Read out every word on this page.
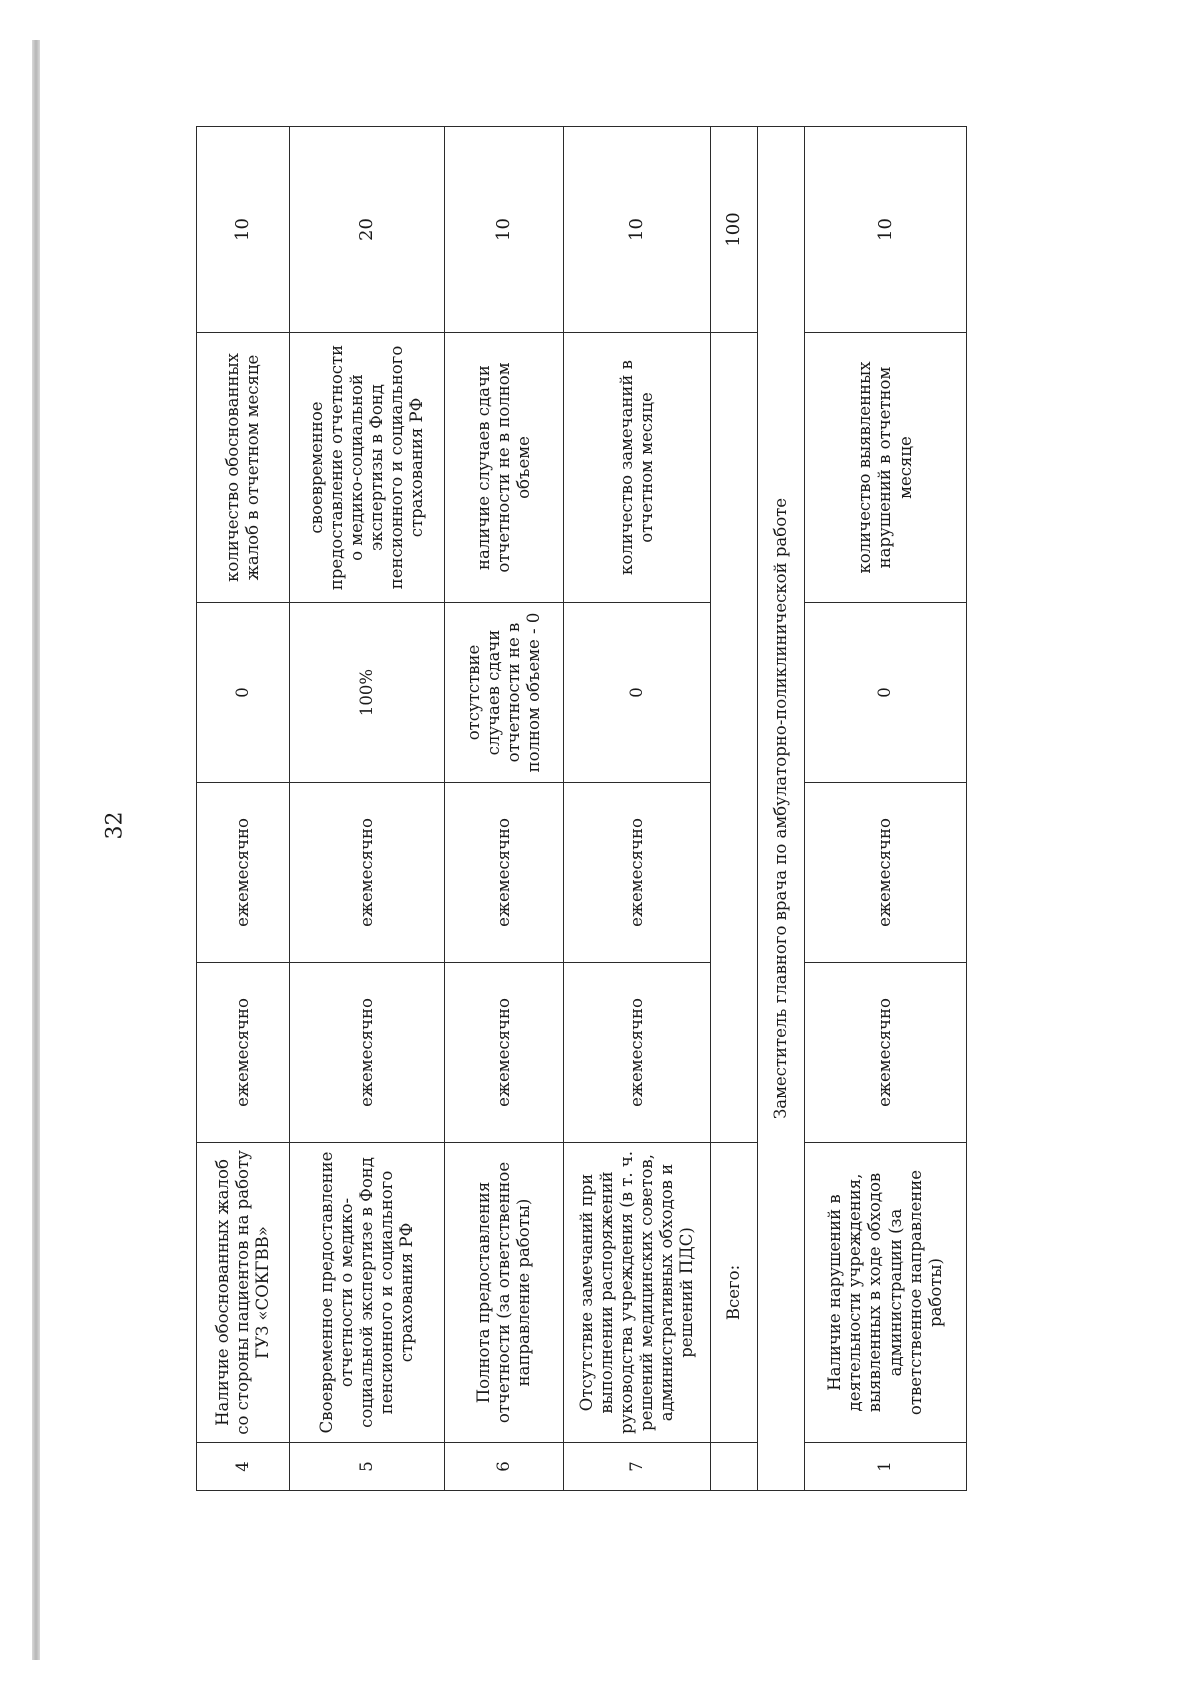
32
4	Наличие обоснованных жалоб со стороны пациентов на работу ГУЗ «СОКГВВ»	ежемесячно	ежемесячно	0	количество обоснованных жалоб в отчетном месяце	10
5	Своевременное предоставление отчетности о медико-социальной экспертизе в Фонд пенсионного и социального страхования РФ	ежемесячно	ежемесячно	100%	своевременное предоставление отчетности о медико-социальной экспертизы в Фонд пенсионного и социального страхования РФ	20
6	Полнота предоставления отчетности (за ответственное направление работы)	ежемесячно	ежемесячно	отсутствие случаев сдачи отчетности не в полном объеме - 0	наличие случаев сдачи отчетности не в полном объеме	10
7	Отсутствие замечаний при выполнении распоряжений руководства учреждения (в т. ч. решений медицинских советов, административных обходов и решений ПДС)	ежемесячно	ежемесячно	0	количество замечаний в отчетном месяце	10
	Всего:					100
Заместитель главного врача по амбулаторно-поликлинической работе						
1	Наличие нарушений в деятельности учреждения, выявленных в ходе обходов администрации (за ответственное направление работы)	ежемесячно	ежемесячно	0	количество выявленных нарушений в отчетном месяце	10
